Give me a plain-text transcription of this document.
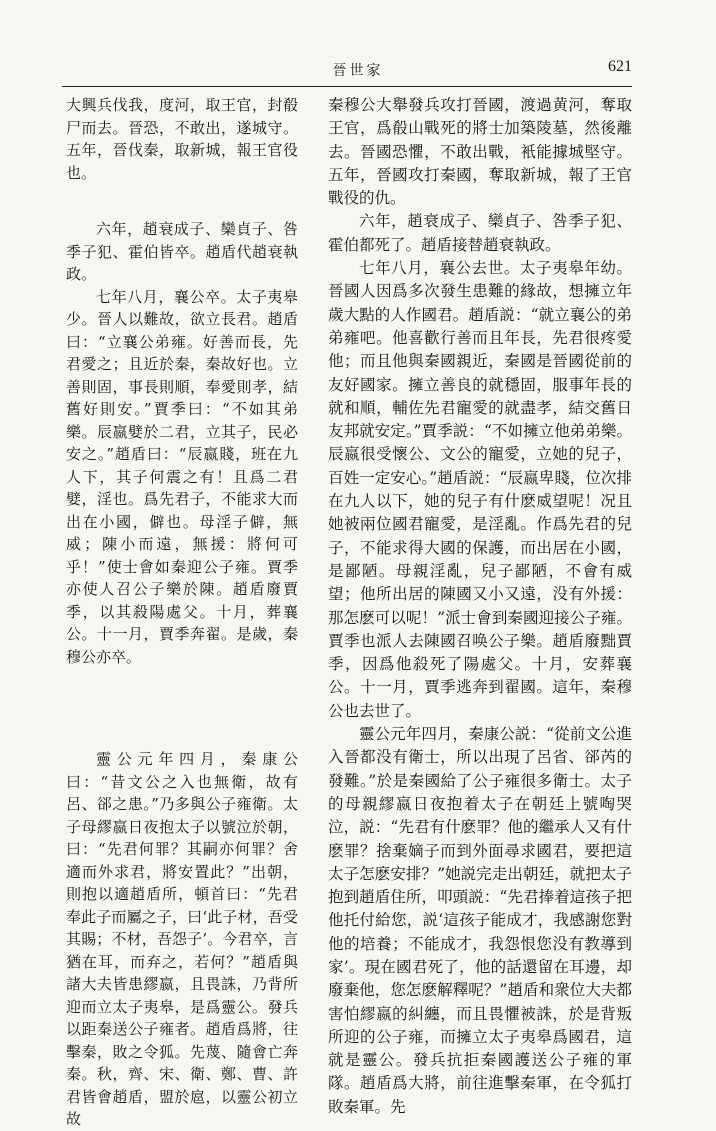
晉世家	621

大興兵伐我，度河，取王官，封殽尸而去。晉恐，不敢出，遂城守。五年，晉伐秦，取新城，報王官役也。

六年，趙衰成子、欒貞子、咎季子犯、霍伯皆卒。趙盾代趙衰執政。

七年八月，襄公卒。太子夷皋少。晉人以難故，欲立長君。趙盾曰：“立襄公弟雍。好善而長，先君愛之；且近於秦，秦故好也。立善則固，事長則順，奉愛則孝，結舊好則安。”賈季曰：“不如其弟樂。辰嬴嬖於二君，立其子，民必安之。”趙盾曰：“辰嬴賤，班在九人下，其子何震之有！且爲二君嬖，淫也。爲先君子，不能求大而出在小國，僻也。母淫子僻，無威；陳小而遠，無援：將何可乎！”使士會如秦迎公子雍。賈季亦使人召公子樂於陳。趙盾廢賈季，以其殺陽處父。十月，葬襄公。十一月，賈季奔翟。是歲，秦穆公亦卒。

靈公元年四月，秦康公曰：“昔文公之入也無衛，故有呂、郤之患。”乃多與公子雍衛。太子母繆嬴日夜抱太子以號泣於朝，曰：“先君何罪？其嗣亦何罪？舍適而外求君，將安置此？”出朝，則抱以適趙盾所，頓首曰：“先君奉此子而屬之子，曰‘此子材，吾受其賜；不材，吾怨子’。今君卒，言猶在耳，而弃之，若何？”趙盾與諸大夫皆患繆嬴，且畏誅，乃背所迎而立太子夷皋，是爲靈公。發兵以距秦送公子雍者。趙盾爲將，往擊秦，敗之令狐。先蔑、隨會亡奔秦。秋，齊、宋、衛、鄭、曹、許君皆會趙盾，盟於扈，以靈公初立故

秦穆公大舉發兵攻打晉國，渡過黄河，奪取王官，爲殽山戰死的將士加築陵墓，然後離去。晉國恐懼，不敢出戰，衹能據城堅守。五年，晉國攻打秦國，奪取新城，報了王官戰役的仇。

六年，趙衰成子、欒貞子、咎季子犯、霍伯都死了。趙盾接替趙衰執政。

七年八月，襄公去世。太子夷皋年幼。晉國人因爲多次發生患難的緣故，想擁立年歲大點的人作國君。趙盾説：“就立襄公的弟弟雍吧。他喜歡行善而且年長，先君很疼愛他；而且他與秦國親近，秦國是晉國從前的友好國家。擁立善良的就穩固，服事年長的就和順，輔佐先君寵愛的就盡孝，結交舊日友邦就安定。”賈季説：“不如擁立他弟弟樂。辰嬴很受懷公、文公的寵愛，立她的兒子，百姓一定安心。”趙盾説：“辰嬴卑賤，位次排在九人以下，她的兒子有什麽威望呢！况且她被兩位國君寵愛，是淫亂。作爲先君的兒子，不能求得大國的保護，而出居在小國，是鄙陋。母親淫亂，兒子鄙陋，不會有威望；他所出居的陳國又小又遠，没有外援：那怎麽可以呢！”派士會到秦國迎接公子雍。賈季也派人去陳國召唤公子樂。趙盾廢黜賈季，因爲他殺死了陽處父。十月，安葬襄公。十一月，賈季逃奔到翟國。這年，秦穆公也去世了。

靈公元年四月，秦康公説：“從前文公進入晉都没有衛士，所以出現了呂省、郤芮的發難。”於是秦國給了公子雍很多衛士。太子的母親繆嬴日夜抱着太子在朝廷上號啕哭泣，説：“先君有什麽罪？他的繼承人又有什麽罪？捨棄嫡子而到外面尋求國君，要把這太子怎麽安排？”她説完走出朝廷，就把太子抱到趙盾住所，叩頭説：“先君捧着這孩子把他托付給您，説‘這孩子能成才，我感謝您對他的培養；不能成才，我怨恨您没有教導到家’。現在國君死了，他的話還留在耳邊，却廢棄他，您怎麽解釋呢？”趙盾和衆位大夫都害怕繆嬴的糾纏，而且畏懼被誅，於是背叛所迎的公子雍，而擁立太子夷皋爲國君，這就是靈公。發兵抗拒秦國護送公子雍的軍隊。趙盾爲大將，前往進擊秦軍，在令狐打敗秦軍。先
